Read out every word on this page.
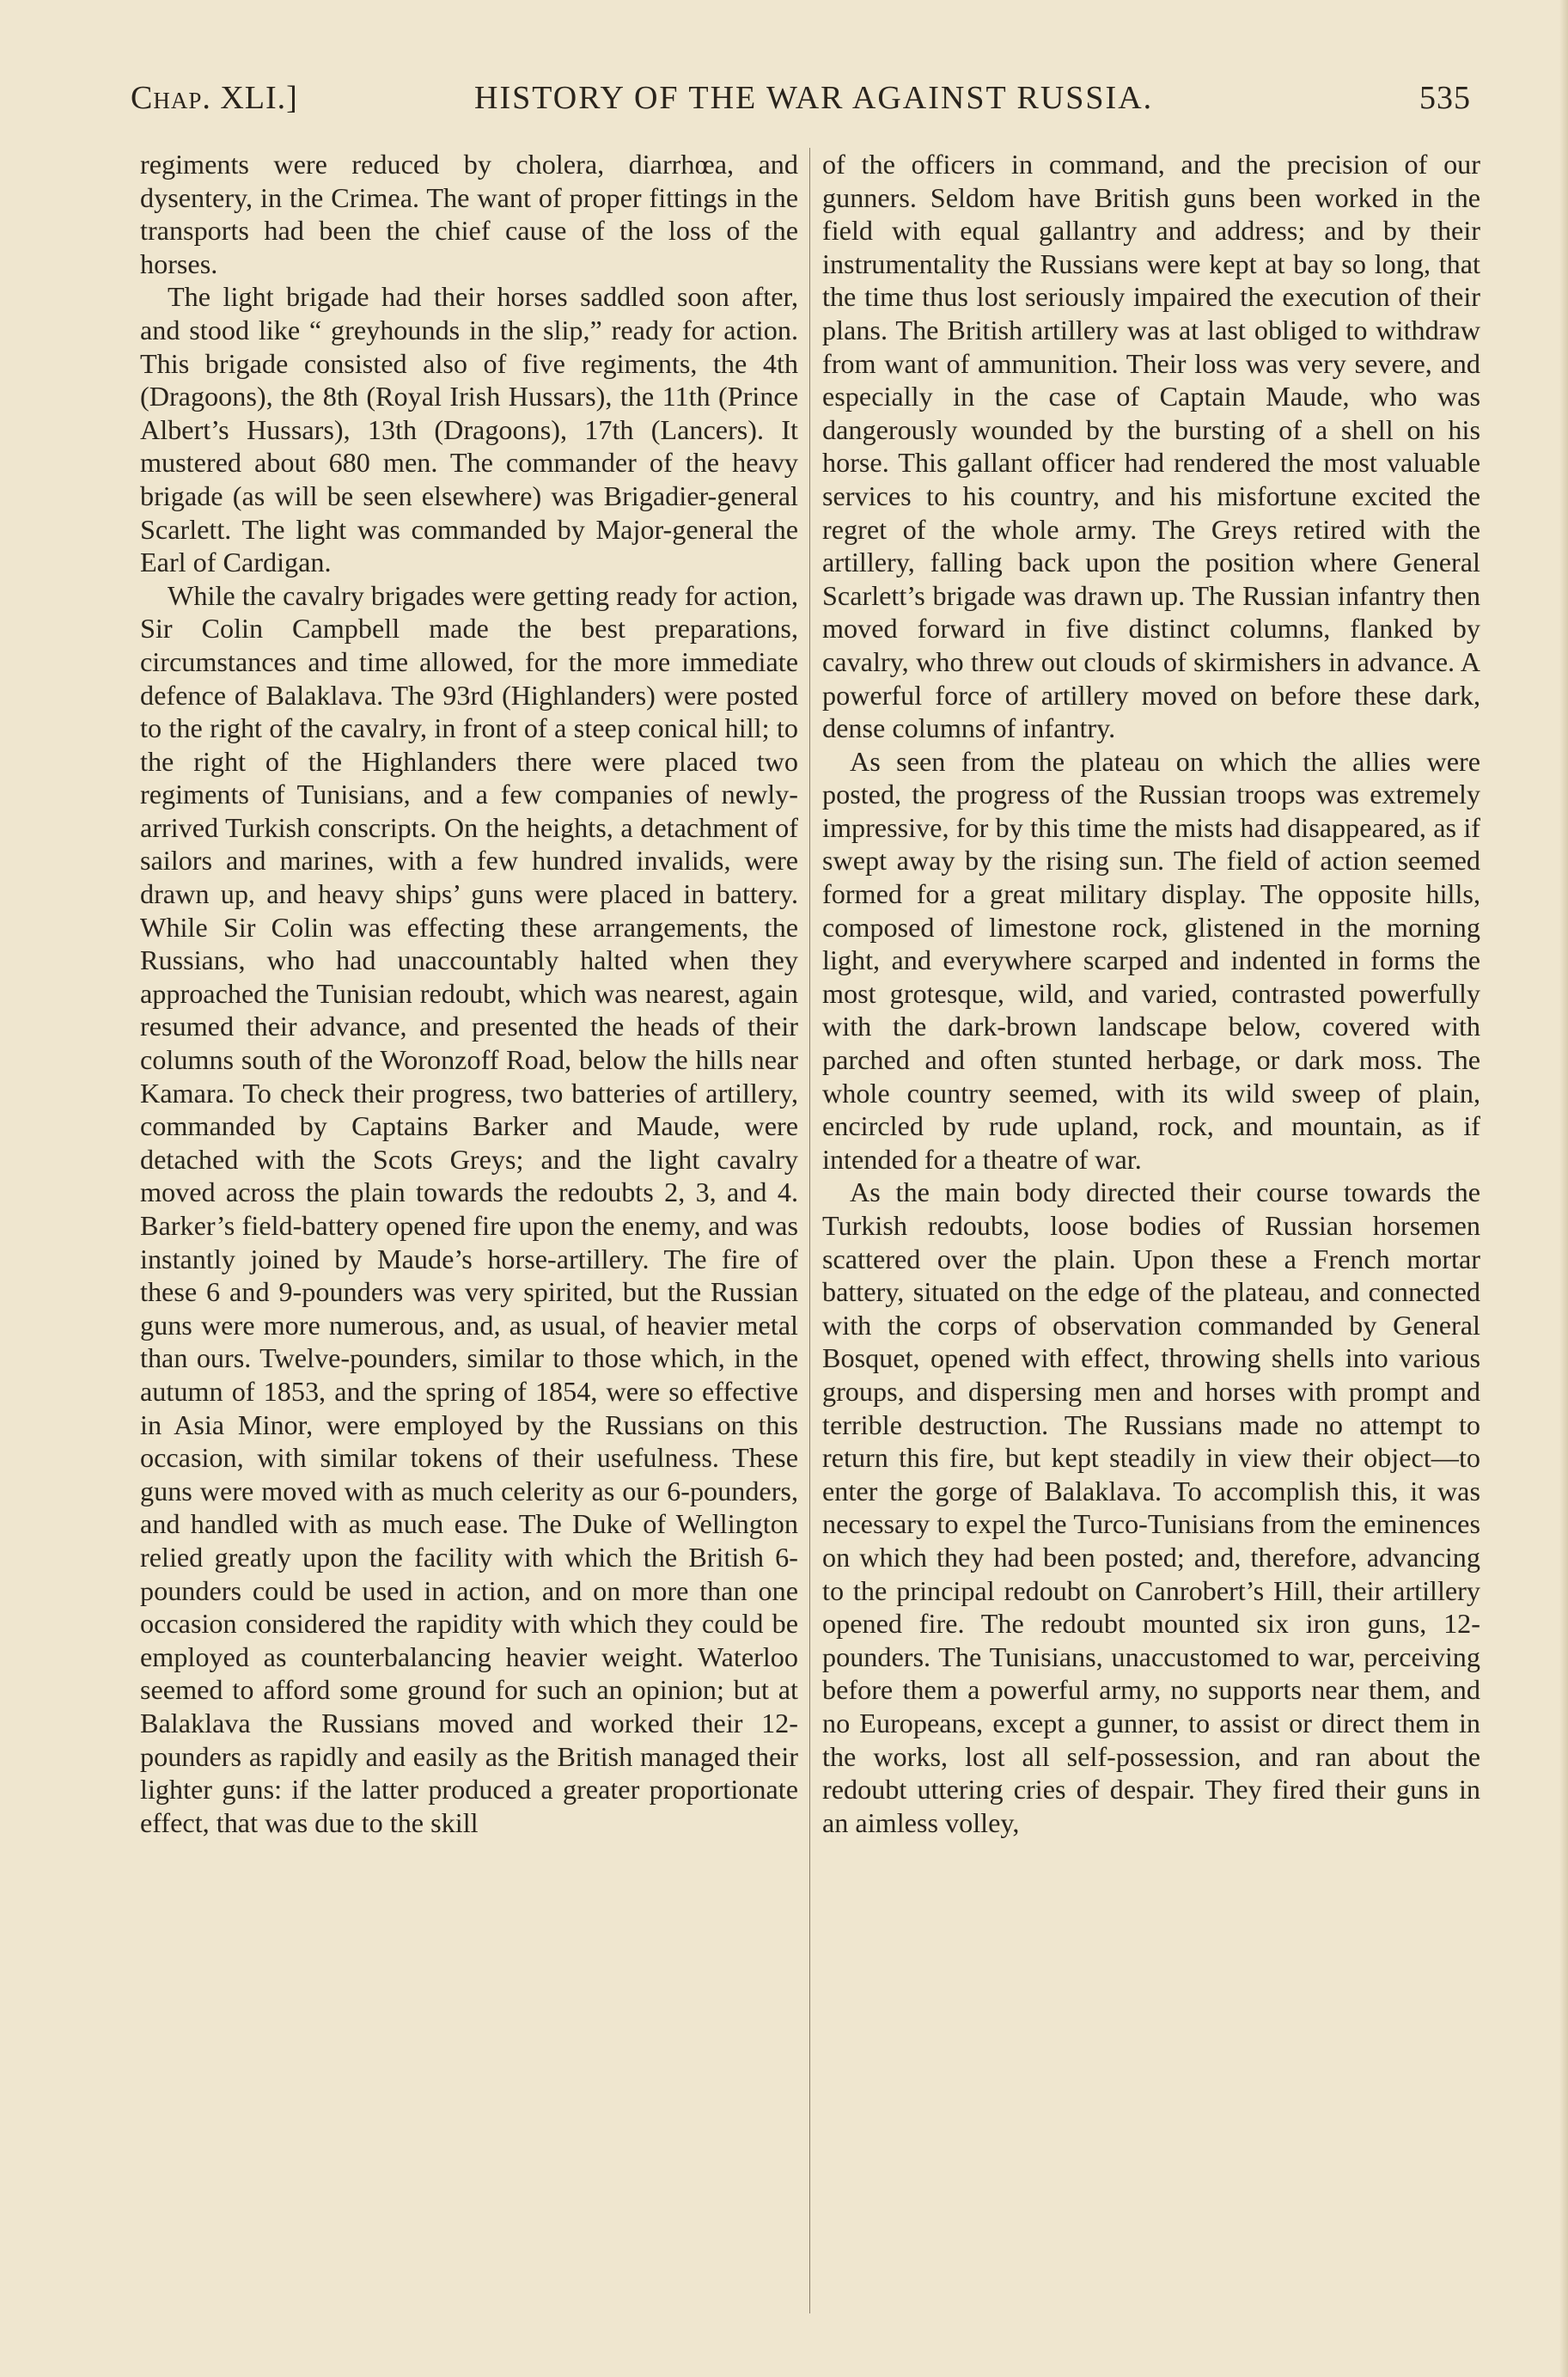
Chap. XLI.]	HISTORY OF THE WAR AGAINST RUSSIA.	535

regiments were reduced by cholera, diarrhœa, and dysentery, in the Crimea. The want of proper fittings in the transports had been the chief cause of the loss of the horses.

The light brigade had their horses saddled soon after, and stood like “ greyhounds in the slip,” ready for action. This brigade consisted also of five regiments, the 4th (Dragoons), the 8th (Royal Irish Hussars), the 11th (Prince Albert’s Hussars), 13th (Dragoons), 17th (Lancers). It mustered about 680 men. The commander of the heavy brigade (as will be seen elsewhere) was Brigadier-general Scarlett. The light was commanded by Major-general the Earl of Cardigan.

While the cavalry brigades were getting ready for action, Sir Colin Campbell made the best preparations, circumstances and time allowed, for the more immediate defence of Balaklava. The 93rd (Highlanders) were posted to the right of the cavalry, in front of a steep conical hill; to the right of the Highlanders there were placed two regiments of Tunisians, and a few companies of newly-arrived Turkish conscripts. On the heights, a detachment of sailors and marines, with a few hundred invalids, were drawn up, and heavy ships’ guns were placed in battery. While Sir Colin was effecting these arrangements, the Russians, who had unaccountably halted when they approached the Tunisian redoubt, which was nearest, again resumed their advance, and presented the heads of their columns south of the Woronzoff Road, below the hills near Kamara. To check their progress, two batteries of artillery, commanded by Captains Barker and Maude, were detached with the Scots Greys; and the light cavalry moved across the plain towards the redoubts 2, 3, and 4. Barker’s field-battery opened fire upon the enemy, and was instantly joined by Maude’s horse-artillery. The fire of these 6 and 9-pounders was very spirited, but the Russian guns were more numerous, and, as usual, of heavier metal than ours. Twelve-pounders, similar to those which, in the autumn of 1853, and the spring of 1854, were so effective in Asia Minor, were employed by the Russians on this occasion, with similar tokens of their usefulness. These guns were moved with as much celerity as our 6-pounders, and handled with as much ease. The Duke of Wellington relied greatly upon the facility with which the British 6-pounders could be used in action, and on more than one occasion considered the rapidity with which they could be employed as counterbalancing heavier weight. Waterloo seemed to afford some ground for such an opinion; but at Balaklava the Russians moved and worked their 12-pounders as rapidly and easily as the British managed their lighter guns: if the latter produced a greater proportionate effect, that was due to the skill

of the officers in command, and the precision of our gunners. Seldom have British guns been worked in the field with equal gallantry and address; and by their instrumentality the Russians were kept at bay so long, that the time thus lost seriously impaired the execution of their plans. The British artillery was at last obliged to withdraw from want of ammunition. Their loss was very severe, and especially in the case of Captain Maude, who was dangerously wounded by the bursting of a shell on his horse. This gallant officer had rendered the most valuable services to his country, and his misfortune excited the regret of the whole army. The Greys retired with the artillery, falling back upon the position where General Scarlett’s brigade was drawn up. The Russian infantry then moved forward in five distinct columns, flanked by cavalry, who threw out clouds of skirmishers in advance. A powerful force of artillery moved on before these dark, dense columns of infantry.

As seen from the plateau on which the allies were posted, the progress of the Russian troops was extremely impressive, for by this time the mists had disappeared, as if swept away by the rising sun. The field of action seemed formed for a great military display. The opposite hills, composed of limestone rock, glistened in the morning light, and everywhere scarped and indented in forms the most grotesque, wild, and varied, contrasted powerfully with the dark-brown landscape below, covered with parched and often stunted herbage, or dark moss. The whole country seemed, with its wild sweep of plain, encircled by rude upland, rock, and mountain, as if intended for a theatre of war.

As the main body directed their course towards the Turkish redoubts, loose bodies of Russian horsemen scattered over the plain. Upon these a French mortar battery, situated on the edge of the plateau, and connected with the corps of observation commanded by General Bosquet, opened with effect, throwing shells into various groups, and dispersing men and horses with prompt and terrible destruction. The Russians made no attempt to return this fire, but kept steadily in view their object—to enter the gorge of Balaklava. To accomplish this, it was necessary to expel the Turco-Tunisians from the eminences on which they had been posted; and, therefore, advancing to the principal redoubt on Canrobert’s Hill, their artillery opened fire. The redoubt mounted six iron guns, 12-pounders. The Tunisians, unaccustomed to war, perceiving before them a powerful army, no supports near them, and no Europeans, except a gunner, to assist or direct them in the works, lost all self-possession, and ran about the redoubt uttering cries of despair. They fired their guns in an aimless volley,
